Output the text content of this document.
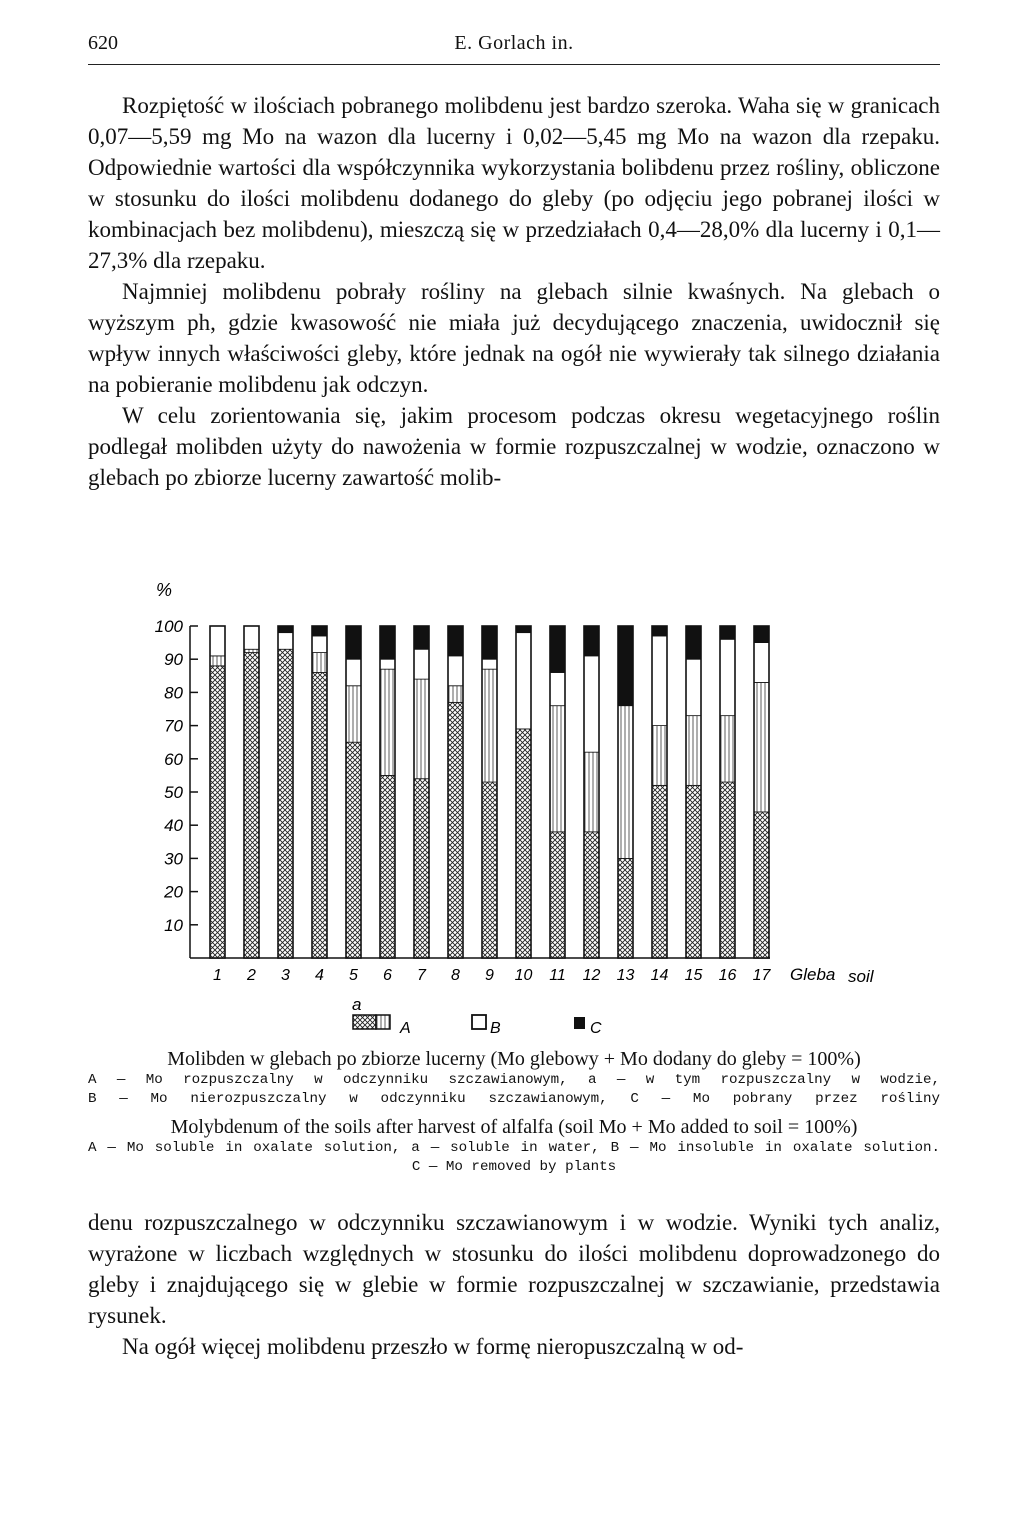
620	E. Gorlach in.

Rozpiętość w ilościach pobranego molibdenu jest bardzo szeroka. Waha się w granicach 0,07—5,59 mg Mo na wazon dla lucerny i 0,02—5,45 mg Mo na wazon dla rzepaku. Odpowiednie wartości dla współczynnika wykorzystania bolibdenu przez rośliny, obliczone w stosunku do ilości molibdenu dodanego do gleby (po odjęciu jego pobranej ilości w kombinacjach bez molibdenu), mieszczą się w przedziałach 0,4—28,0% dla lucerny i 0,1—27,3% dla rzepaku.

Najmniej molibdenu pobrały rośliny na glebach silnie kwaśnych. Na glebach o wyższym ph, gdzie kwasowość nie miała już decydującego znaczenia, uwidocznił się wpływ innych właściwości gleby, które jednak na ogół nie wywierały tak silnego działania na pobieranie molibdenu jak odczyn.

W celu zorientowania się, jakim procesom podczas okresu wegetacyjnego roślin podlegał molibden użyty do nawożenia w formie rozpuszczalnej w wodzie, oznaczono w glebach po zbiorze lucerny zawartość molib-

%
10
20
30
40
50
60
70
80
90
100
1 2 3 4 5 6 7 8 9 10 11 12 13 14 15 16 17 Gleba soil
a
A	B	C
Molibden w glebach po zbiorze lucerny (Mo glebowy + Mo dodany do gleby = 100%)
A — Mo rozpuszczalny w odczynniku szczawianowym, a — w tym rozpuszczalny w wodzie,
B — Mo nierozpuszczalny w odczynniku szczawianowym, C — Mo pobrany przez rośliny
Molybdenum of the soils after harvest of alfalfa (soil Mo + Mo added to soil = 100%)
A — Mo soluble in oxalate solution, a — soluble in water, B — Mo insoluble in oxalate solution.
C — Mo removed by plants

denu rozpuszczalnego w odczynniku szczawianowym i w wodzie. Wyniki tych analiz, wyrażone w liczbach względnych w stosunku do ilości molibdenu doprowadzonego do gleby i znajdującego się w glebie w formie rozpuszczalnej w szczawianie, przedstawia rysunek.

Na ogół więcej molibdenu przeszło w formę nieropuszczalną w od-
